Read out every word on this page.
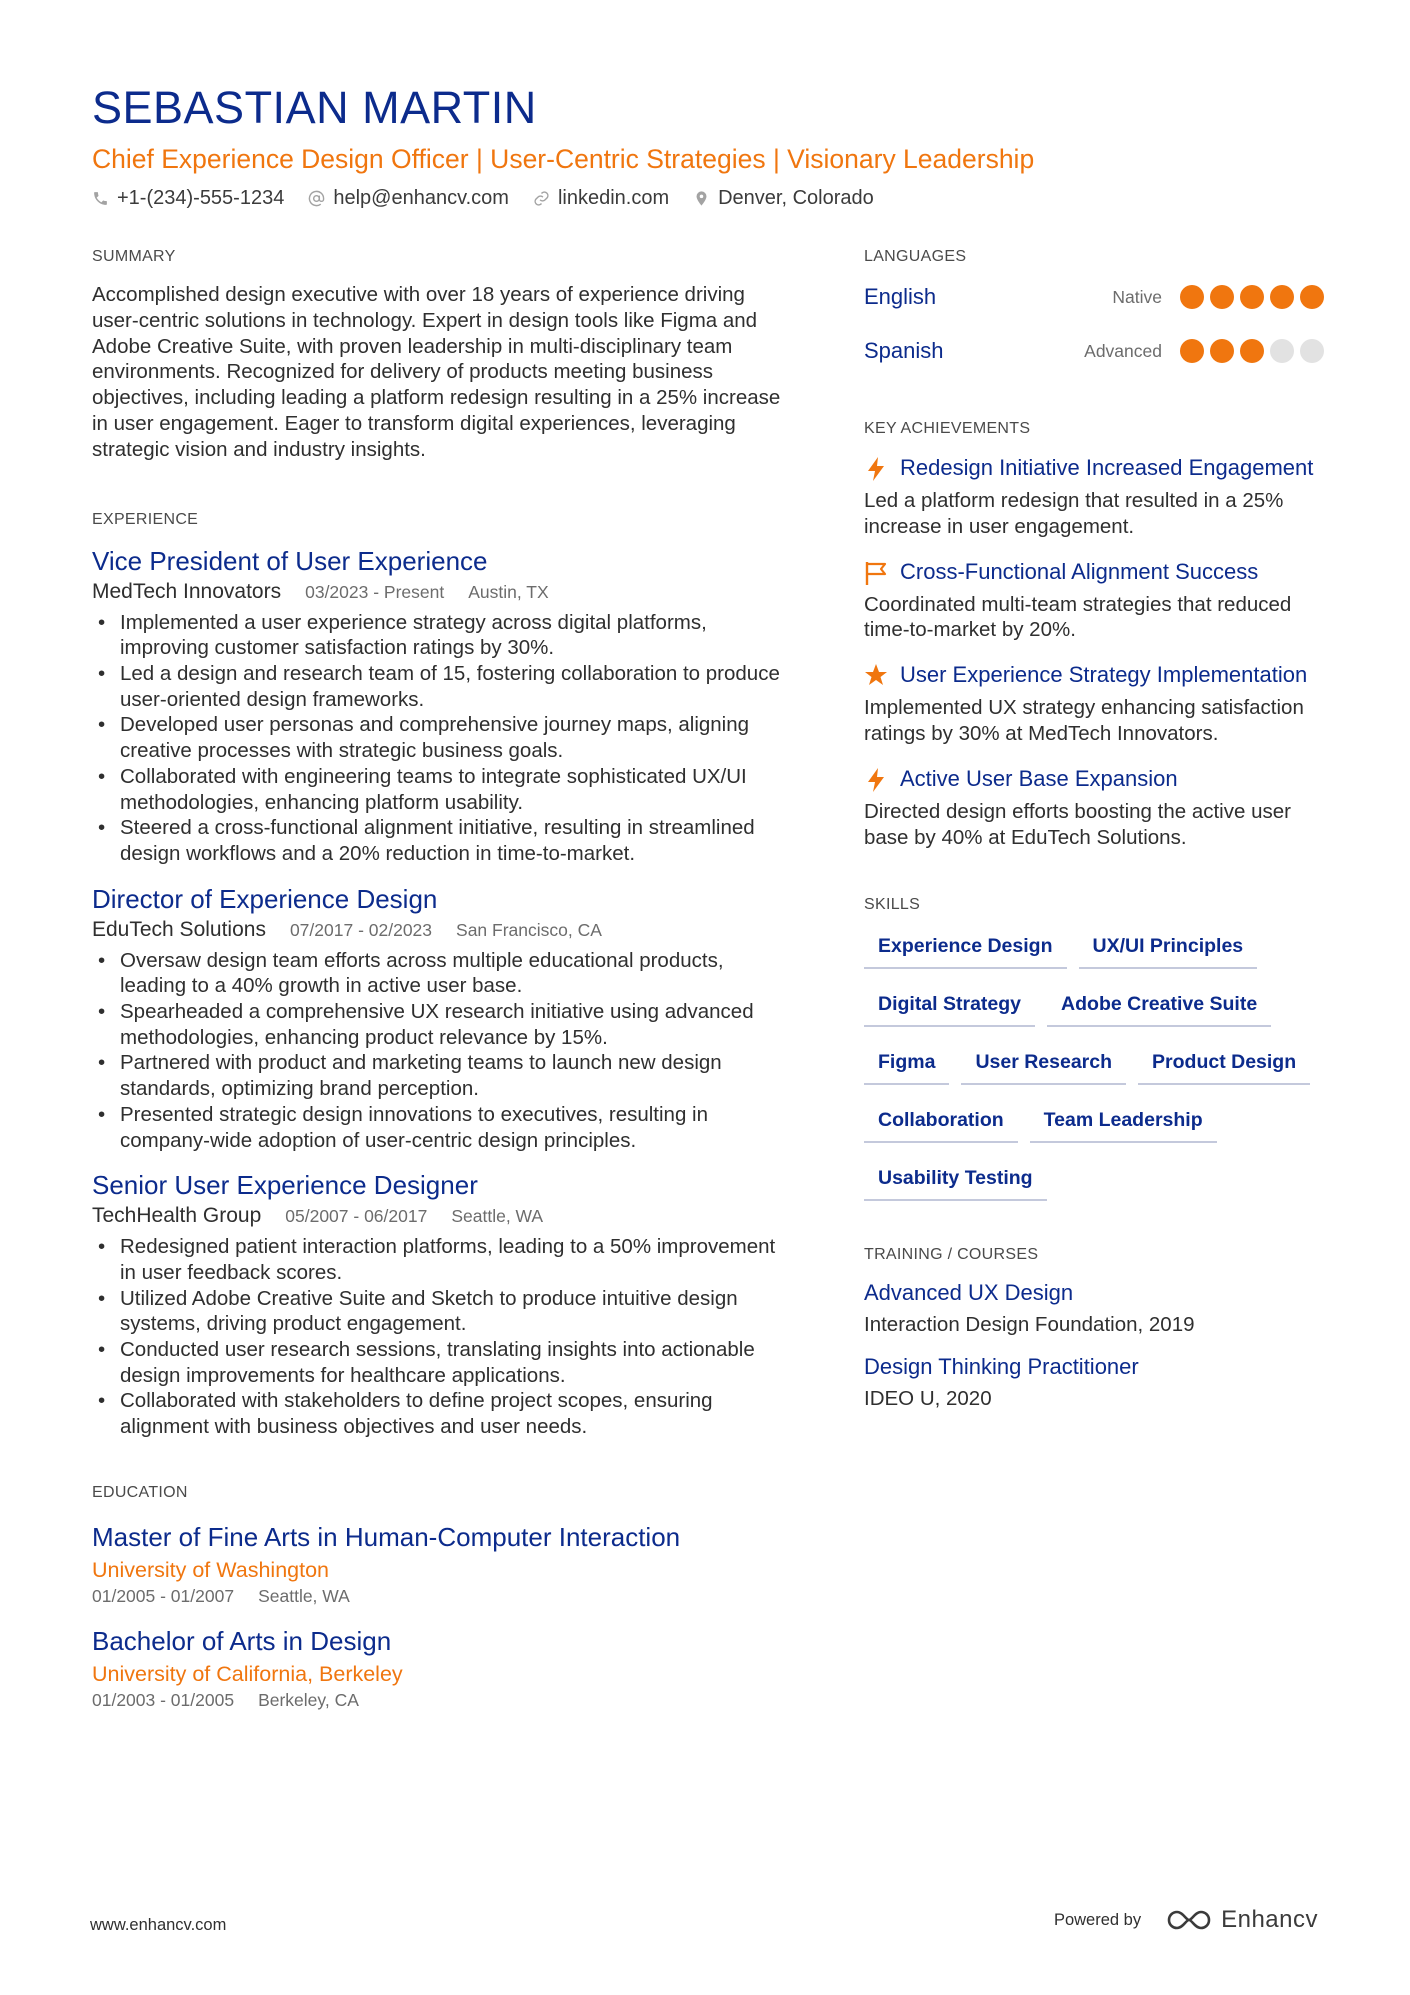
SEBASTIAN MARTIN
Chief Experience Design Officer | User-Centric Strategies | Visionary Leadership
+1-(234)-555-1234 help@enhancv.com linkedin.com Denver, Colorado
SUMMARY

Accomplished design executive with over 18 years of experience driving user-centric solutions in technology. Expert in design tools like Figma and Adobe Creative Suite, with proven leadership in multi-disciplinary team environments. Recognized for delivery of products meeting business objectives, including leading a platform redesign resulting in a 25% increase in user engagement. Eager to transform digital experiences, leveraging strategic vision and industry insights.

EXPERIENCE
Vice President of User Experience
MedTech Innovators 03/2023 - Present Austin, TX
• Implemented a user experience strategy across digital platforms, improving customer satisfaction ratings by 30%.
• Led a design and research team of 15, fostering collaboration to produce user-oriented design frameworks.
• Developed user personas and comprehensive journey maps, aligning creative processes with strategic business goals.
• Collaborated with engineering teams to integrate sophisticated UX/UI methodologies, enhancing platform usability.
• Steered a cross-functional alignment initiative, resulting in streamlined design workflows and a 20% reduction in time-to-market.
Director of Experience Design
EduTech Solutions 07/2017 - 02/2023 San Francisco, CA
• Oversaw design team efforts across multiple educational products, leading to a 40% growth in active user base.
• Spearheaded a comprehensive UX research initiative using advanced methodologies, enhancing product relevance by 15%.
• Partnered with product and marketing teams to launch new design standards, optimizing brand perception.
• Presented strategic design innovations to executives, resulting in company-wide adoption of user-centric design principles.
Senior User Experience Designer
TechHealth Group 05/2007 - 06/2017 Seattle, WA
• Redesigned patient interaction platforms, leading to a 50% improvement in user feedback scores.
• Utilized Adobe Creative Suite and Sketch to produce intuitive design systems, driving product engagement.
• Conducted user research sessions, translating insights into actionable design improvements for healthcare applications.
• Collaborated with stakeholders to define project scopes, ensuring alignment with business objectives and user needs.
EDUCATION
Master of Fine Arts in Human-Computer Interaction
University of Washington
01/2005 - 01/2007 Seattle, WA
Bachelor of Arts in Design
University of California, Berkeley
01/2003 - 01/2005 Berkeley, CA
LANGUAGES
English	Native
Spanish	Advanced
KEY ACHIEVEMENTS
Redesign Initiative Increased Engagement
Led a platform redesign that resulted in a 25% increase in user engagement.
Cross-Functional Alignment Success
Coordinated multi-team strategies that reduced time-to-market by 20%.
User Experience Strategy Implementation
Implemented UX strategy enhancing satisfaction ratings by 30% at MedTech Innovators.
Active User Base Expansion
Directed design efforts boosting the active user base by 40% at EduTech Solutions.
SKILLS
Experience Design	UX/UI Principles
Digital Strategy	Adobe Creative Suite
Figma	User Research	Product Design
Collaboration	Team Leadership
Usability Testing
TRAINING / COURSES
Advanced UX Design
Interaction Design Foundation, 2019
Design Thinking Practitioner
IDEO U, 2020
www.enhancv.com	Powered by	Enhancv
